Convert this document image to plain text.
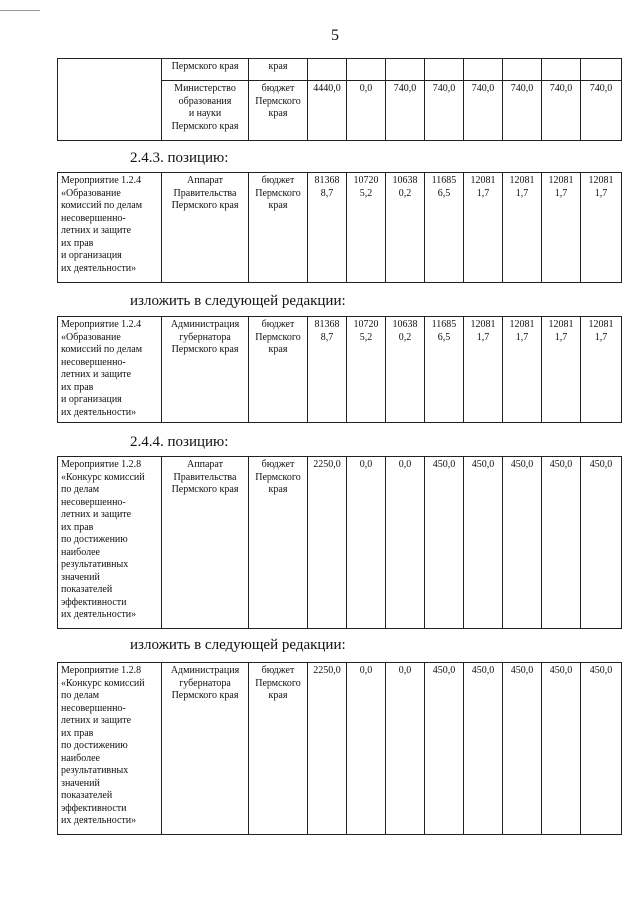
5
	Пермского края	края								
	Министерство
образования
и науки
Пермского края	бюджет
Пермского
края	4440,0	0,0	740,0	740,0	740,0	740,0	740,0	740,0
2.4.3. позицию:
Мероприятие 1.2.4
«Образование
комиссий по делам
несовершенно-
летних и защите
их прав
и организация
их деятельности»	Аппарат
Правительства
Пермского края	бюджет
Пермского
края	81368
8,7	10720
5,2	10638
0,2	11685
6,5	12081
1,7	12081
1,7	12081
1,7	12081
1,7
изложить в следующей редакции:
Мероприятие 1.2.4
«Образование
комиссий по делам
несовершенно-
летних и защите
их прав
и организация
их деятельности»	Администрация
губернатора
Пермского края	бюджет
Пермского
края	81368
8,7	10720
5,2	10638
0,2	11685
6,5	12081
1,7	12081
1,7	12081
1,7	12081
1,7
2.4.4. позицию:
Мероприятие 1.2.8
«Конкурс комиссий
по делам
несовершенно-
летних и защите
их прав
по достижению
наиболее
результативных
значений
показателей
эффективности
их деятельности»	Аппарат
Правительства
Пермского края	бюджет
Пермского
края	2250,0	0,0	0,0	450,0	450,0	450,0	450,0	450,0
изложить в следующей редакции:
Мероприятие 1.2.8
«Конкурс комиссий
по делам
несовершенно-
летних и защите
их прав
по достижению
наиболее
результативных
значений
показателей
эффективности
их деятельности»	Администрация
губернатора
Пермского края	бюджет
Пермского
края	2250,0	0,0	0,0	450,0	450,0	450,0	450,0	450,0
